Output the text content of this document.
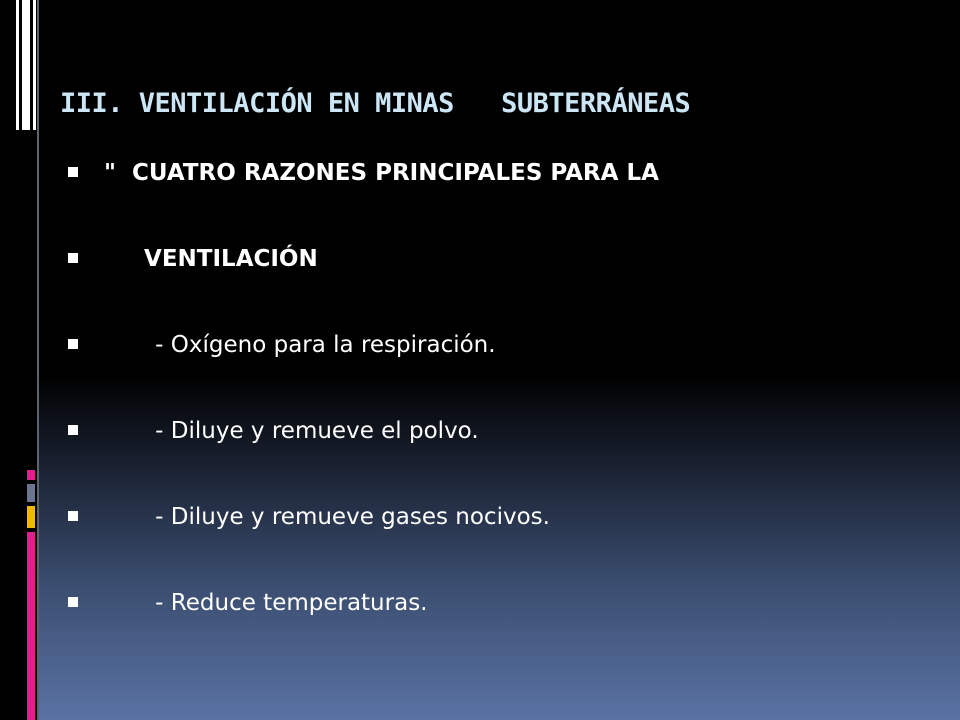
III. VENTILACIÓN EN MINAS   SUBTERRÁNEAS

"  CUATRO RAZONES PRINCIPALES PARA LA

VENTILACIÓN

- Oxígeno para la respiración.

- Diluye y remueve el polvo.

- Diluye y remueve gases nocivos.

- Reduce temperaturas.
